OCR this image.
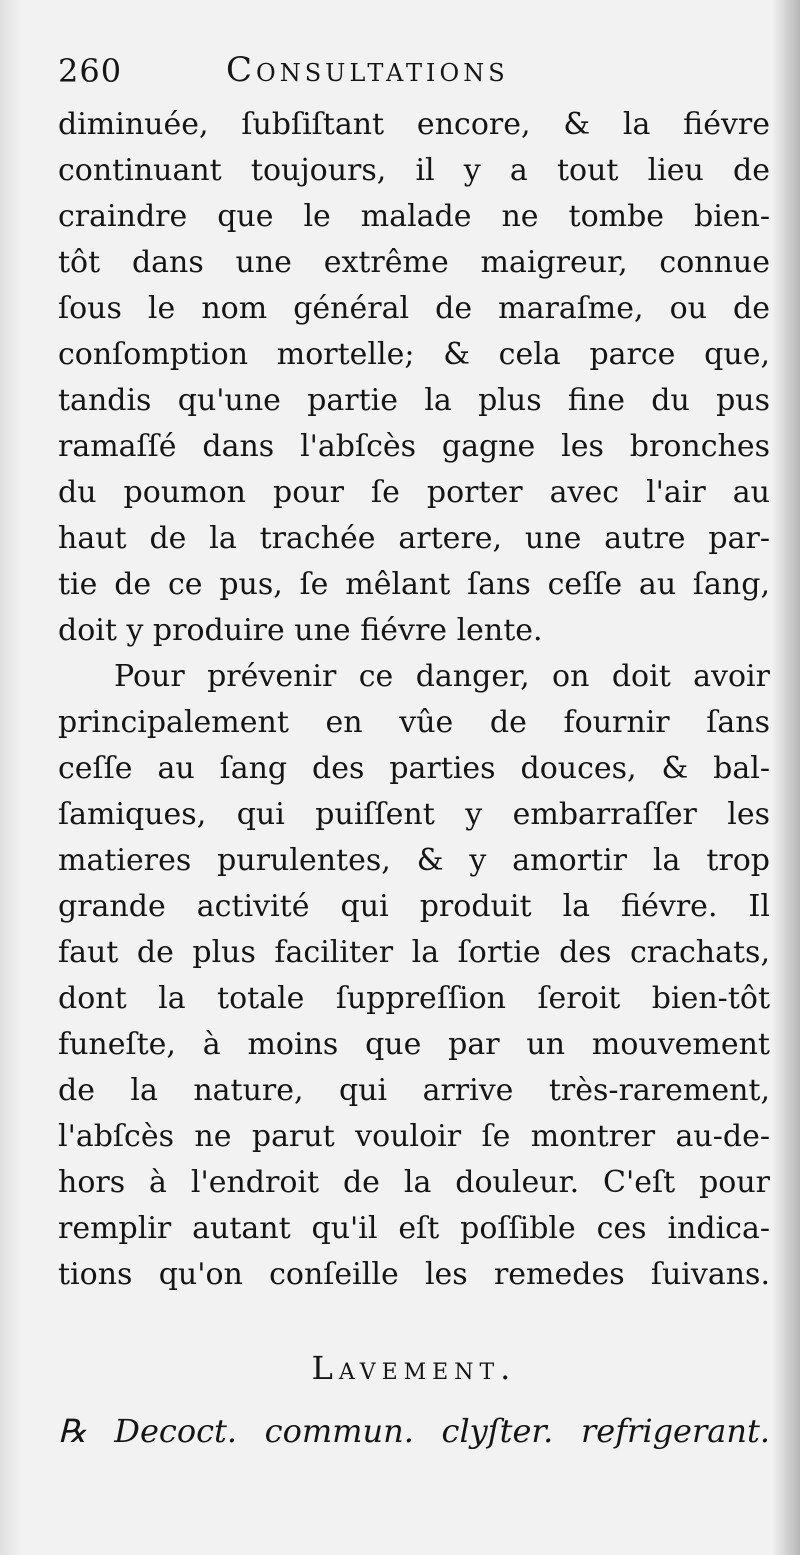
260	Consultations
diminuée, ſubſiſtant encore, & la fiévre
continuant toujours, il y a tout lieu de
craindre que le malade ne tombe bien-
tôt dans une extrême maigreur, connue
ſous le nom général de maraſme, ou de
conſomption mortelle; & cela parce que,
tandis qu'une partie la plus fine du pus
ramaſſé dans l'abſcès gagne les bronches
du poumon pour ſe porter avec l'air au
haut de la trachée artere, une autre par-
tie de ce pus, ſe mêlant ſans ceſſe au ſang,
doit y produire une fiévre lente.
Pour prévenir ce danger, on doit avoir
principalement en vûe de fournir ſans
ceſſe au ſang des parties douces, & bal-
ſamiques, qui puiſſent y embarraſſer les
matieres purulentes, & y amortir la trop
grande activité qui produit la fiévre. Il
faut de plus faciliter la ſortie des crachats,
dont la totale ſuppreſſion ſeroit bien-tôt
funeſte, à moins que par un mouvement
de la nature, qui arrive très-rarement,
l'abſcès ne parut vouloir ſe montrer au-de-
hors à l'endroit de la douleur. C'eſt pour
remplir autant qu'il eſt poſſible ces indica-
tions qu'on conſeille les remedes ſuivans.
Lavement.
℞ Decoct. commun. clyſter. refrigerant.
